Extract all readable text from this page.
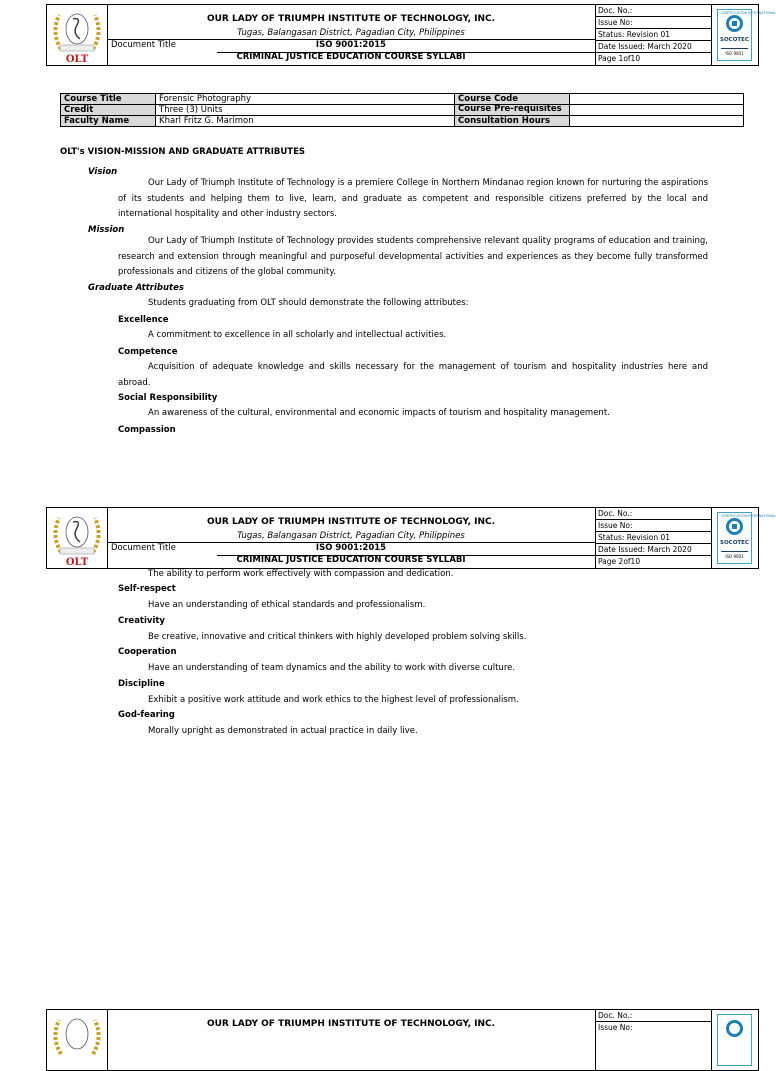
OLT
OUR LADY OF TRIUMPH INSTITUTE OF TECHNOLOGY, INC.
Tugas, Balangasan District, Pagadian City, Philippines
Document Title	ISO 9001:2015
CRIMINAL JUSTICE EDUCATION COURSE SYLLABI
Doc. No.:
Issue No:
Status: Revision 01
Date Issued: March 2020
Page 1of10
CERTIFICATION INTERNATIONAL
SOCOTEC
ISO 9001
Course Title	Forensic Photography	Course Code	
Credit	Three (3) Units	Course Pre-requisites	
Faculty Name	Kharl Fritz G. Marimon	Consultation Hours	
OLT's VISION-MISSION AND GRADUATE ATTRIBUTES
Vision
Our Lady of Triumph Institute of Technology is a premiere College in Northern Mindanao region known for nurturing the aspirations of its students and helping them to live, learn, and graduate as competent and responsible citizens preferred by the local and international hospitality and other industry sectors.
Mission
Our Lady of Triumph Institute of Technology provides students comprehensive relevant quality programs of education and training, research and extension through meaningful and purposeful developmental activities and experiences as they become fully transformed professionals and citizens of the global community.
Graduate Attributes
Students graduating from OLT should demonstrate the following attributes:
Excellence
A commitment to excellence in all scholarly and intellectual activities.
Competence
Acquisition of adequate knowledge and skills necessary for the management of tourism and hospitality industries here and abroad.
Social Responsibility
An awareness of the cultural, environmental and economic impacts of tourism and hospitality management.
Compassion
OLT
OUR LADY OF TRIUMPH INSTITUTE OF TECHNOLOGY, INC.
Tugas, Balangasan District, Pagadian City, Philippines
Document Title	ISO 9001:2015
CRIMINAL JUSTICE EDUCATION COURSE SYLLABI
Doc. No.:
Issue No:
Status: Revision 01
Date Issued: March 2020
Page 2of10
CERTIFICATION INTERNATIONAL
SOCOTEC
ISO 9001
The ability to perform work effectively with compassion and dedication.
Self-respect
Have an understanding of ethical standards and professionalism.
Creativity
Be creative, innovative and critical thinkers with highly developed problem solving skills.
Cooperation
Have an understanding of team dynamics and the ability to work with diverse culture.
Discipline
Exhibit a positive work attitude and work ethics to the highest level of professionalism.
God-fearing
Morally upright as demonstrated in actual practice in daily live.
OUR LADY OF TRIUMPH INSTITUTE OF TECHNOLOGY, INC.
Doc. No.:
Issue No:
